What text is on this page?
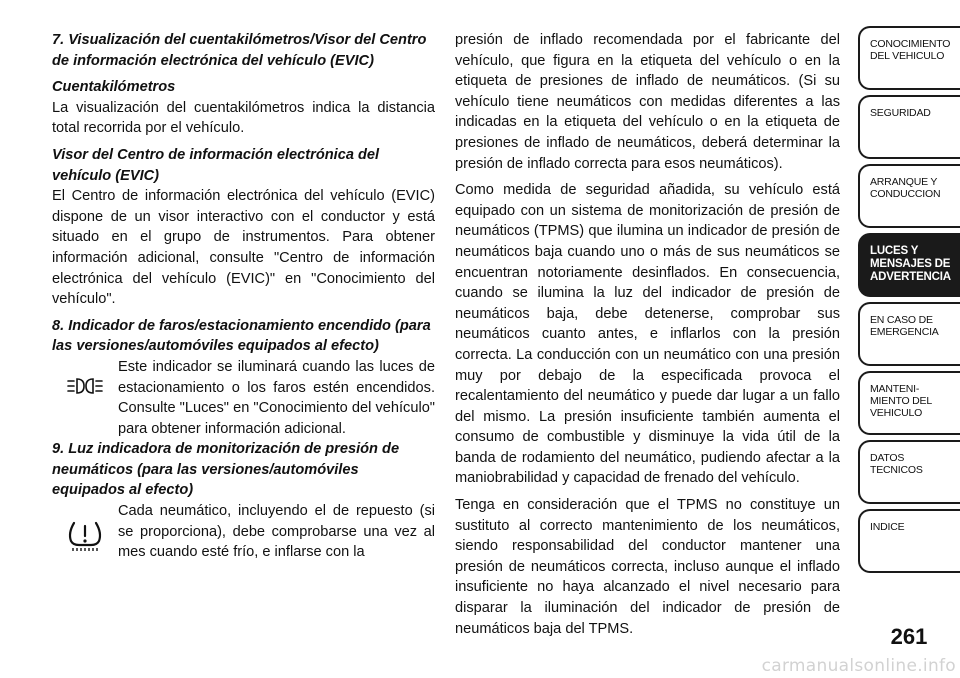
7. Visualización del cuentakilómetros/Visor del Centro de información electrónica del vehículo (EVIC)

Cuentakilómetros

La visualización del cuentakilómetros indica la distancia total recorrida por el vehículo.

Visor del Centro de información electrónica del vehículo (EVIC)

El Centro de información electrónica del vehículo (EVIC) dispone de un visor interactivo con el conductor y está situado en el grupo de instrumentos. Para obtener información adicional, consulte "Centro de información electrónica del vehículo (EVIC)" en "Conocimiento del vehículo".

8. Indicador de faros/estacionamiento encendido (para las versiones/automóviles equipados al efecto)

Este indicador se iluminará cuando las luces de estacionamiento o los faros estén encendidos. Consulte "Luces" en "Conocimiento del vehículo" para obtener información adicional.

9. Luz indicadora de monitorización de presión de neumáticos (para las versiones/automóviles equipados al efecto)

Cada neumático, incluyendo el de repuesto (si se proporciona), debe comprobarse una vez al mes cuando esté frío, e inflarse con la

presión de inflado recomendada por el fabricante del vehículo, que figura en la etiqueta del vehículo o en la etiqueta de presiones de inflado de neumáticos. (Si su vehículo tiene neumáticos con medidas diferentes a las indicadas en la etiqueta del vehículo o en la etiqueta de presiones de inflado de neumáticos, deberá determinar la presión de inflado correcta para esos neumáticos).

Como medida de seguridad añadida, su vehículo está equipado con un sistema de monitorización de presión de neumáticos (TPMS) que ilumina un indicador de presión de neumáticos baja cuando uno o más de sus neumáticos se encuentran notoriamente desinflados. En consecuencia, cuando se ilumina la luz del indicador de presión de neumáticos baja, debe detenerse, comprobar sus neumáticos cuanto antes, e inflarlos con la presión correcta. La conducción con un neumático con una presión muy por debajo de la especificada provoca el recalentamiento del neumático y puede dar lugar a un fallo del mismo. La presión insuficiente también aumenta el consumo de combustible y disminuye la vida útil de la banda de rodamiento del neumático, pudiendo afectar a la maniobrabilidad y capacidad de frenado del vehículo.

Tenga en consideración que el TPMS no constituye un sustituto al correcto mantenimiento de los neumáticos, siendo responsabilidad del conductor mantener una presión de neumáticos correcta, incluso aunque el inflado insuficiente no haya alcanzado el nivel necesario para disparar la iluminación del indicador de presión de neumáticos baja del TPMS.

CONOCIMIENTO DEL VEHICULO
SEGURIDAD
ARRANQUE Y CONDUCCION
LUCES Y MENSAJES DE ADVERTENCIA
EN CASO DE EMERGENCIA
MANTENI- MIENTO DEL VEHICULO
DATOS TECNICOS
INDICE
261
carmanualsonline.info
